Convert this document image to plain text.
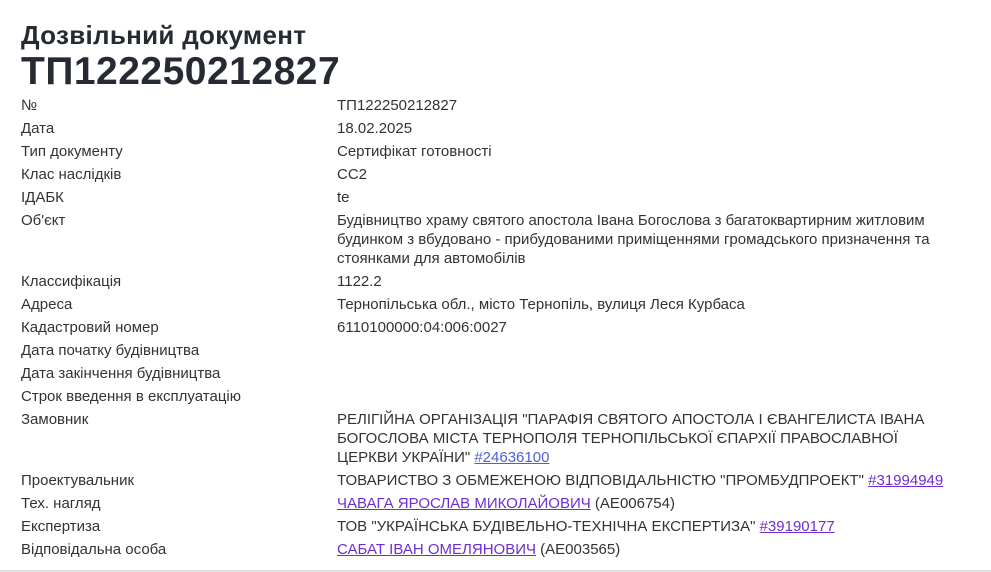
Дозвільний документ
ТП122250212827
№	ТП122250212827
Дата	18.02.2025
Тип документу	Сертифікат готовності
Клас наслідків	СС2
ІДАБК	te
Об'єкт	Будівництво храму святого апостола Івана Богослова з багатоквартирним житловим будинком з вбудовано - прибудованими приміщеннями громадського призначення та стоянками для автомобілів
Классифікація	1122.2
Адреса	Тернопільська обл., місто Тернопіль, вулиця Леся Курбаса
Кадастровий номер	6110100000:04:006:0027
Дата початку будівництва
Дата закінчення будівництва
Строк введення в експлуатацію
Замовник	РЕЛІГІЙНА ОРГАНІЗАЦІЯ "ПАРАФІЯ СВЯТОГО АПОСТОЛА І ЄВАНГЕЛИСТА ІВАНА БОГОСЛОВА МІСТА ТЕРНОПОЛЯ ТЕРНОПІЛЬСЬКОЇ ЄПАРХІЇ ПРАВОСЛАВНОЇ ЦЕРКВИ УКРАЇНИ" #24636100
Проектувальник	ТОВАРИСТВО З ОБМЕЖЕНОЮ ВІДПОВІДАЛЬНІСТЮ "ПРОМБУДПРОЕКТ" #31994949
Тех. нагляд	ЧАВАГА ЯРОСЛАВ МИКОЛАЙОВИЧ (АЕ006754)
Експертиза	ТОВ "УКРАЇНСЬКА БУДІВЕЛЬНО-ТЕХНІЧНА ЕКСПЕРТИЗА" #39190177
Відповідальна особа	САБАТ ІВАН ОМЕЛЯНОВИЧ (АЕ003565)
